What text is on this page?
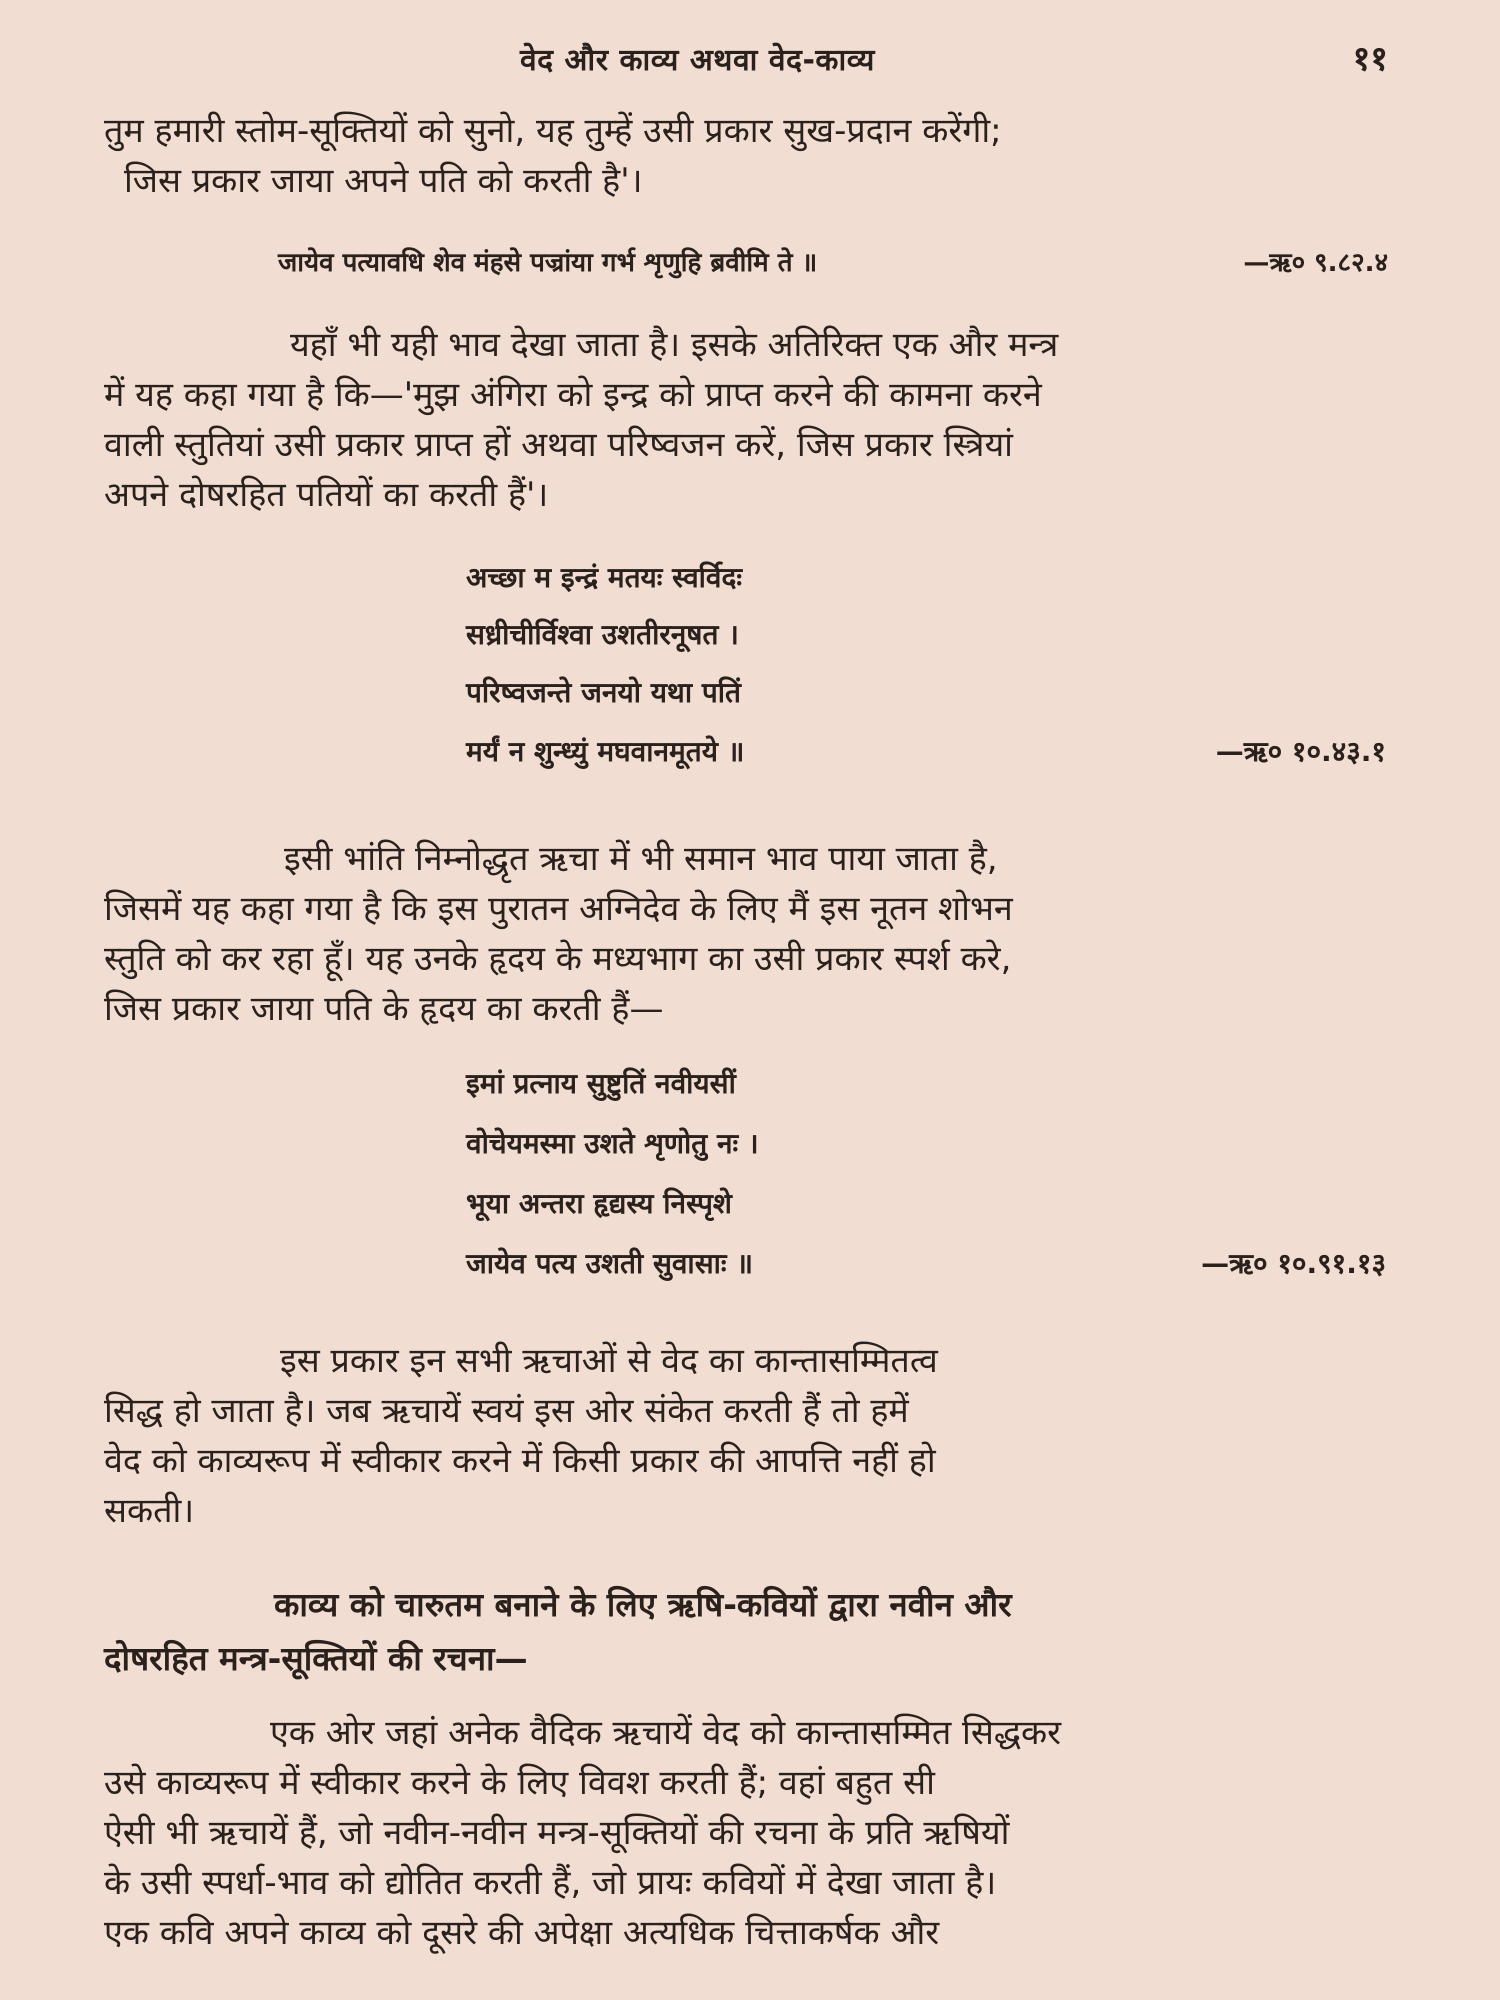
वेद और काव्य अथवा वेद-काव्य	११

तुम हमारी स्तोम-सूक्तियों को सुनो, यह तुम्हें उसी प्रकार सुख-प्रदान करेंगी;
जिस प्रकार जाया अपने पति को करती है'।

जायेव पत्यावधि शेव मंहसे पज्रांया गर्भ शृणुहि ब्रवीमि ते ॥	—ऋ० ९.८२.४

यहाँ भी यही भाव देखा जाता है। इसके अतिरिक्त एक और मन्त्र
में यह कहा गया है कि—'मुझ अंगिरा को इन्द्र को प्राप्त करने की कामना करने
वाली स्तुतियां उसी प्रकार प्राप्त हों अथवा परिष्वजन करें, जिस प्रकार स्त्रियां
अपने दोषरहित पतियों का करती हैं'।

अच्छा म इन्द्रं मतयः स्वर्विदः
सध्रीचीर्विश्वा उशतीरनूषत ।
परिष्वजन्ते जनयो यथा पतिं
मर्यं न शुन्ध्युं मघवानमूतये ॥	—ऋ० १०.४३.१

इसी भांति निम्नोद्धृत ऋचा में भी समान भाव पाया जाता है,
जिसमें यह कहा गया है कि इस पुरातन अग्निदेव के लिए मैं इस नूतन शोभन
स्तुति को कर रहा हूँ। यह उनके हृदय के मध्यभाग का उसी प्रकार स्पर्श करे,
जिस प्रकार जाया पति के हृदय का करती हैं—

इमां प्रत्नाय सुष्टुतिं नवीयसीं
वोचेयमस्मा उशते शृणोतु नः ।
भूया अन्तरा हृद्यस्य निस्पृशे
जायेव पत्य उशती सुवासाः ॥	—ऋ० १०.९१.१३

इस प्रकार इन सभी ऋचाओं से वेद का कान्तासम्मितत्व
सिद्ध हो जाता है। जब ऋचायें स्वयं इस ओर संकेत करती हैं तो हमें
वेद को काव्यरूप में स्वीकार करने में किसी प्रकार की आपत्ति नहीं हो
सकती।

काव्य को चारुतम बनाने के लिए ऋषि-कवियों द्वारा नवीन और
दोषरहित मन्त्र-सूक्तियों की रचना—

एक ओर जहां अनेक वैदिक ऋचायें वेद को कान्तासम्मित सिद्धकर
उसे काव्यरूप में स्वीकार करने के लिए विवश करती हैं; वहां बहुत सी
ऐसी भी ऋचायें हैं, जो नवीन-नवीन मन्त्र-सूक्तियों की रचना के प्रति ऋषियों
के उसी स्पर्धा-भाव को द्योतित करती हैं, जो प्रायः कवियों में देखा जाता है।
एक कवि अपने काव्य को दूसरे की अपेक्षा अत्यधिक चित्ताकर्षक और
